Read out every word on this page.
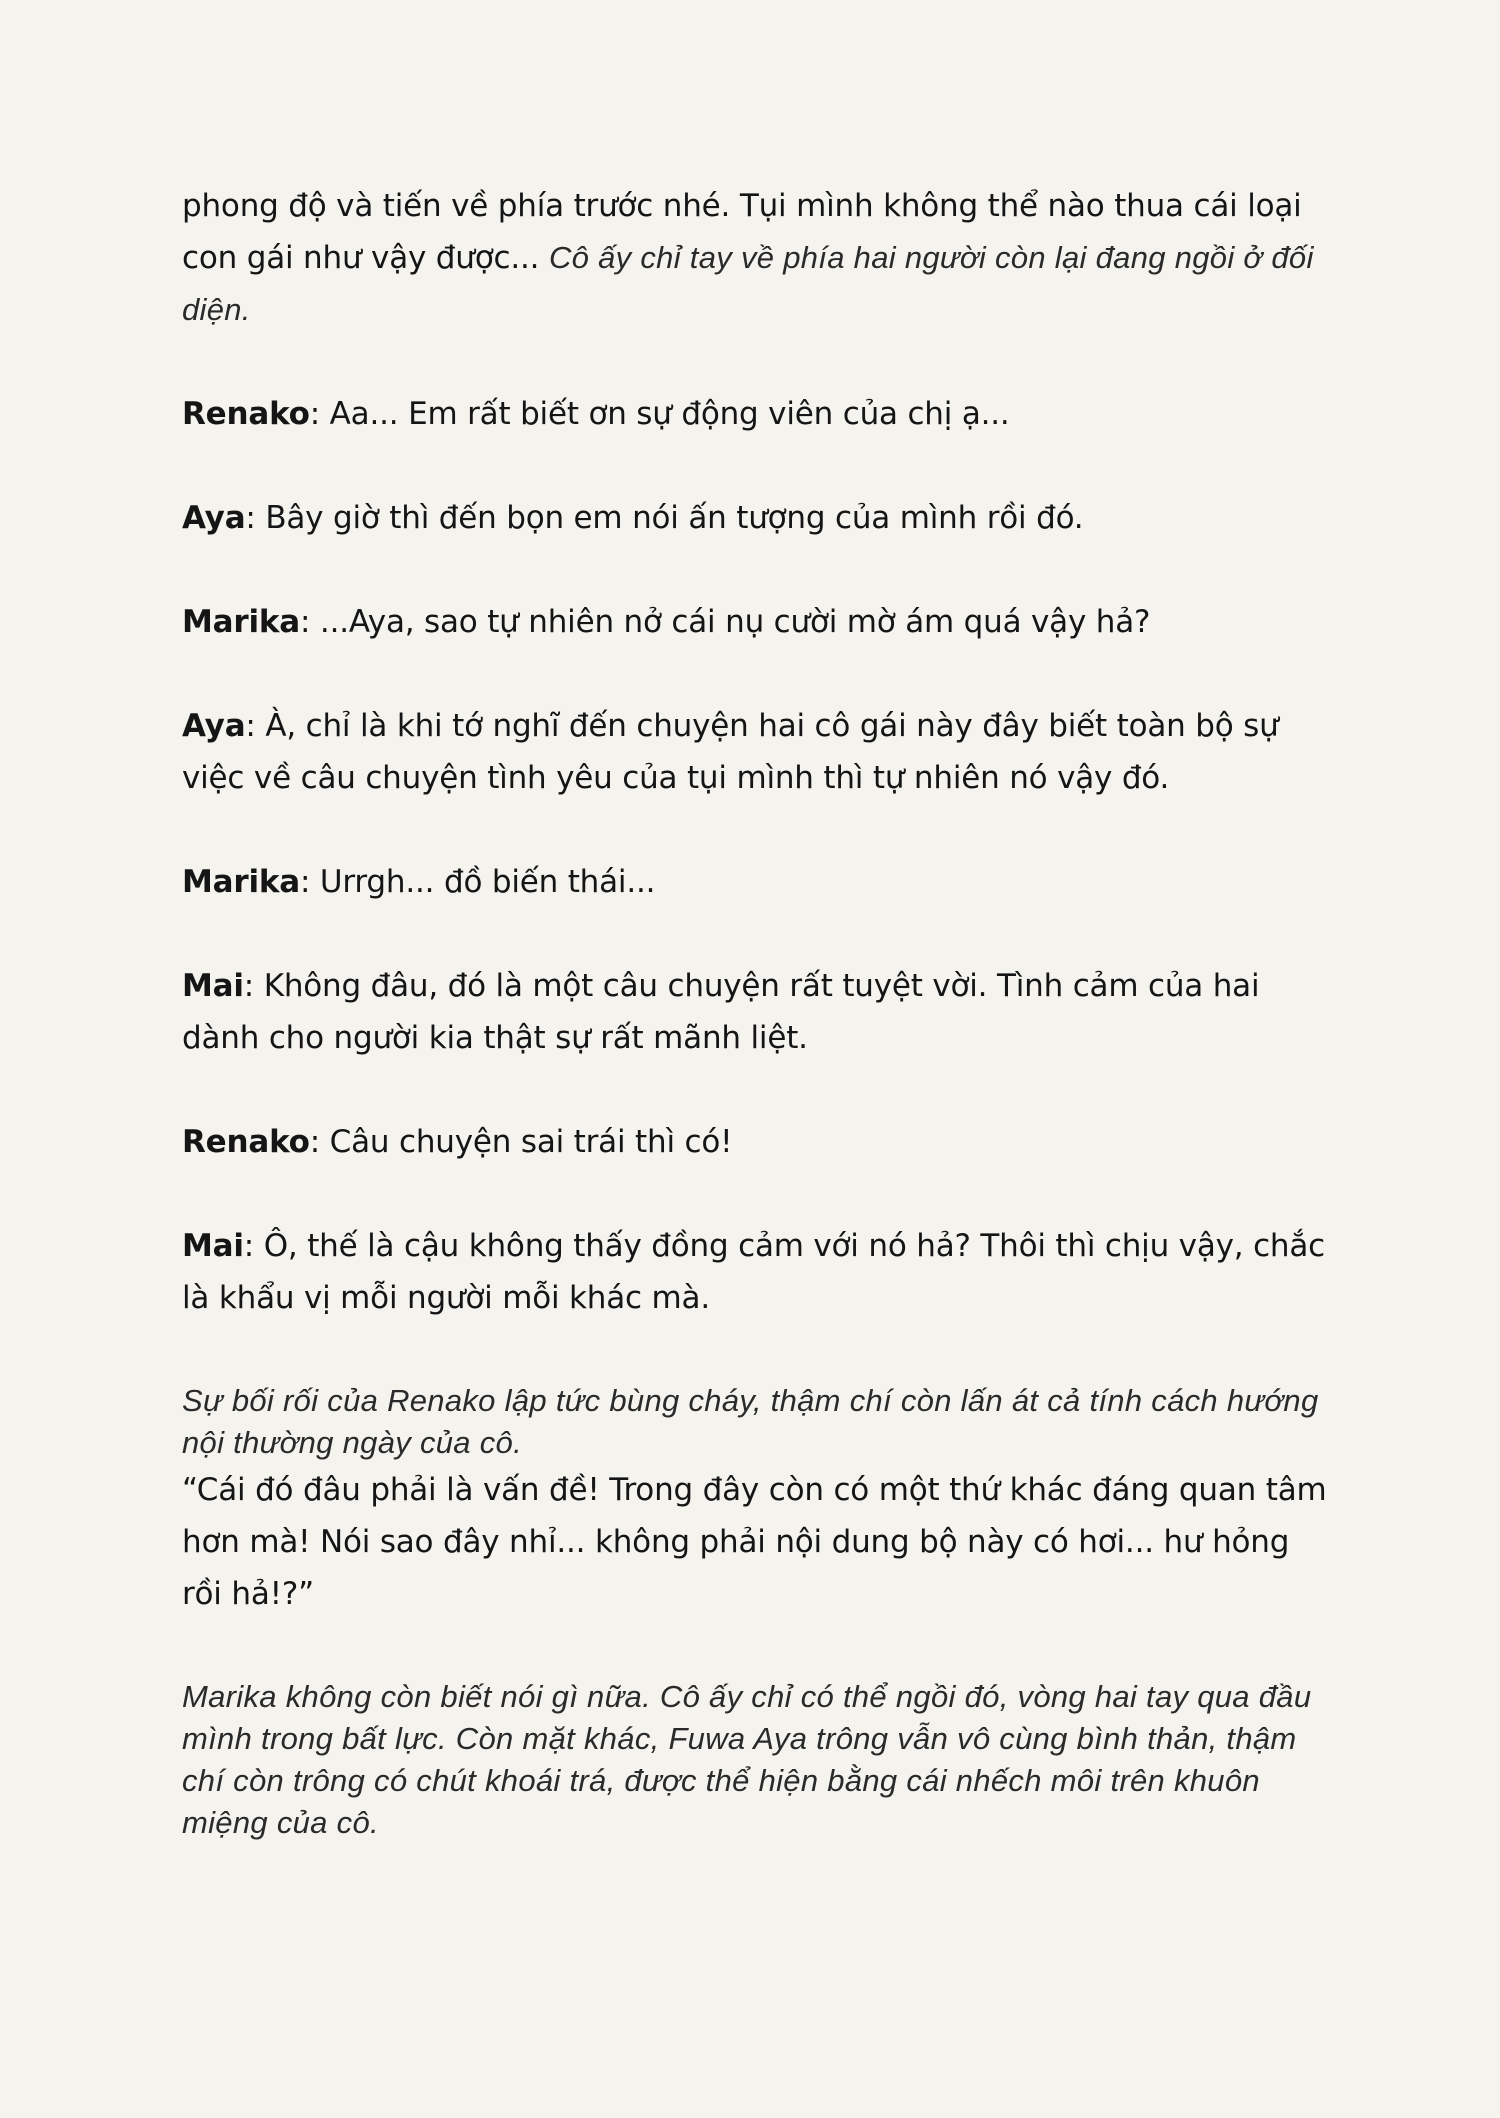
phong độ và tiến về phía trước nhé. Tụi mình không thể nào thua cái loại con gái như vậy được... Cô ấy chỉ tay về phía hai người còn lại đang ngồi ở đối diện.

Renako: Aa... Em rất biết ơn sự động viên của chị ạ...

Aya: Bây giờ thì đến bọn em nói ấn tượng của mình rồi đó.

Marika: ...Aya, sao tự nhiên nở cái nụ cười mờ ám quá vậy hả?

Aya: À, chỉ là khi tớ nghĩ đến chuyện hai cô gái này đây biết toàn bộ sự việc về câu chuyện tình yêu của tụi mình thì tự nhiên nó vậy đó.

Marika: Urrgh... đồ biến thái...

Mai: Không đâu, đó là một câu chuyện rất tuyệt vời. Tình cảm của hai dành cho người kia thật sự rất mãnh liệt.

Renako: Câu chuyện sai trái thì có!

Mai: Ô, thế là cậu không thấy đồng cảm với nó hả? Thôi thì chịu vậy, chắc là khẩu vị mỗi người mỗi khác mà.

Sự bối rối của Renako lập tức bùng cháy, thậm chí còn lấn át cả tính cách hướng nội thường ngày của cô.

“Cái đó đâu phải là vấn đề! Trong đây còn có một thứ khác đáng quan tâm hơn mà! Nói sao đây nhỉ... không phải nội dung bộ này có hơi... hư hỏng rồi hả!?”

Marika không còn biết nói gì nữa. Cô ấy chỉ có thể ngồi đó, vòng hai tay qua đầu mình trong bất lực. Còn mặt khác, Fuwa Aya trông vẫn vô cùng bình thản, thậm chí còn trông có chút khoái trá, được thể hiện bằng cái nhếch môi trên khuôn miệng của cô.
